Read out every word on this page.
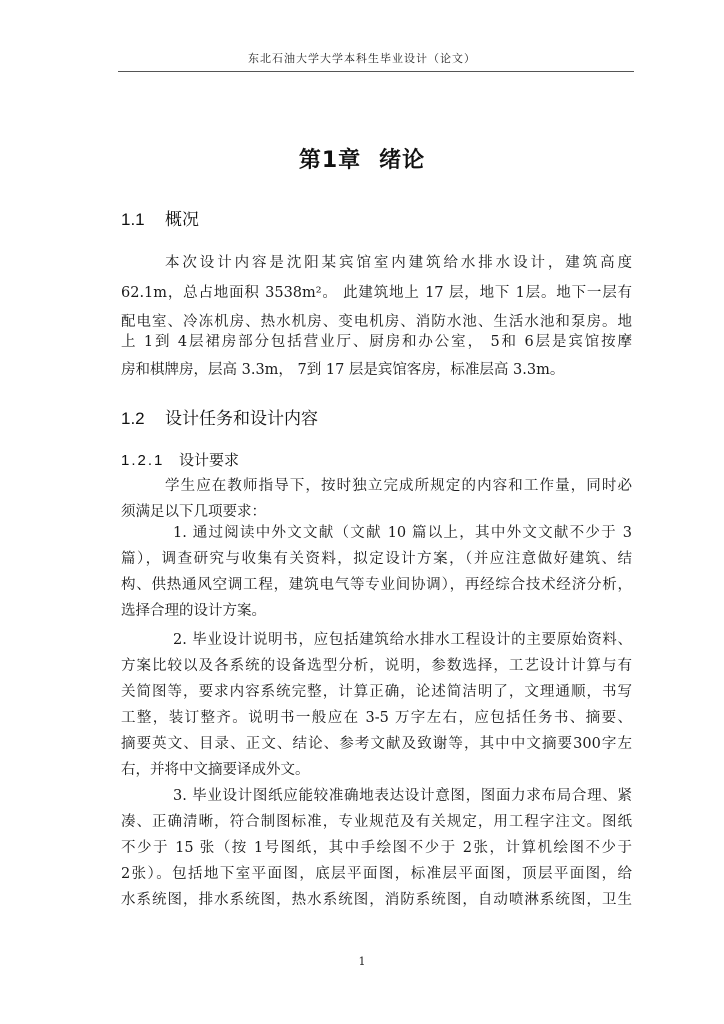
东北石油大学大学本科生毕业设计（论文）
第1章 绪论
1.1 概况
本次设计内容是沈阳某宾馆室内建筑给水排水设计，建筑高度
62.1m，总占地面积 3538m²。 此建筑地上 17 层，地下 1层。地下一层有
配电室、冷冻机房、热水机房、变电机房、消防水池、生活水池和泵房。地
上 1到 4层裙房部分包括营业厅、厨房和办公室， 5和 6层是宾馆按摩
房和棋牌房，层高 3.3m， 7到 17 层是宾馆客房，标准层高 3.3m。
1.2 设计任务和设计内容
1.2.1 设计要求
学生应在教师指导下，按时独立完成所规定的内容和工作量，同时必
须满足以下几项要求：
1. 通过阅读中外文文献（文献 10 篇以上，其中外文文献不少于 3
篇），调查研究与收集有关资料，拟定设计方案，（并应注意做好建筑、结
构、供热通风空调工程，建筑电气等专业间协调），再经综合技术经济分析，
选择合理的设计方案。
2. 毕业设计说明书，应包括建筑给水排水工程设计的主要原始资料、
方案比较以及各系统的设备选型分析，说明，参数选择，工艺设计计算与有
关简图等，要求内容系统完整，计算正确，论述简洁明了，文理通顺，书写
工整，装订整齐。说明书一般应在 3-5 万字左右，应包括任务书、摘要、
摘要英文、目录、正文、结论、参考文献及致谢等，其中中文摘要300字左
右，并将中文摘要译成外文。
3. 毕业设计图纸应能较准确地表达设计意图，图面力求布局合理、紧
凑、正确清晰，符合制图标准，专业规范及有关规定，用工程字注文。图纸
不少于 15 张（按 1号图纸，其中手绘图不少于 2张，计算机绘图不少于
2张）。包括地下室平面图，底层平面图，标准层平面图，顶层平面图，给
水系统图，排水系统图，热水系统图，消防系统图，自动喷淋系统图，卫生
1
